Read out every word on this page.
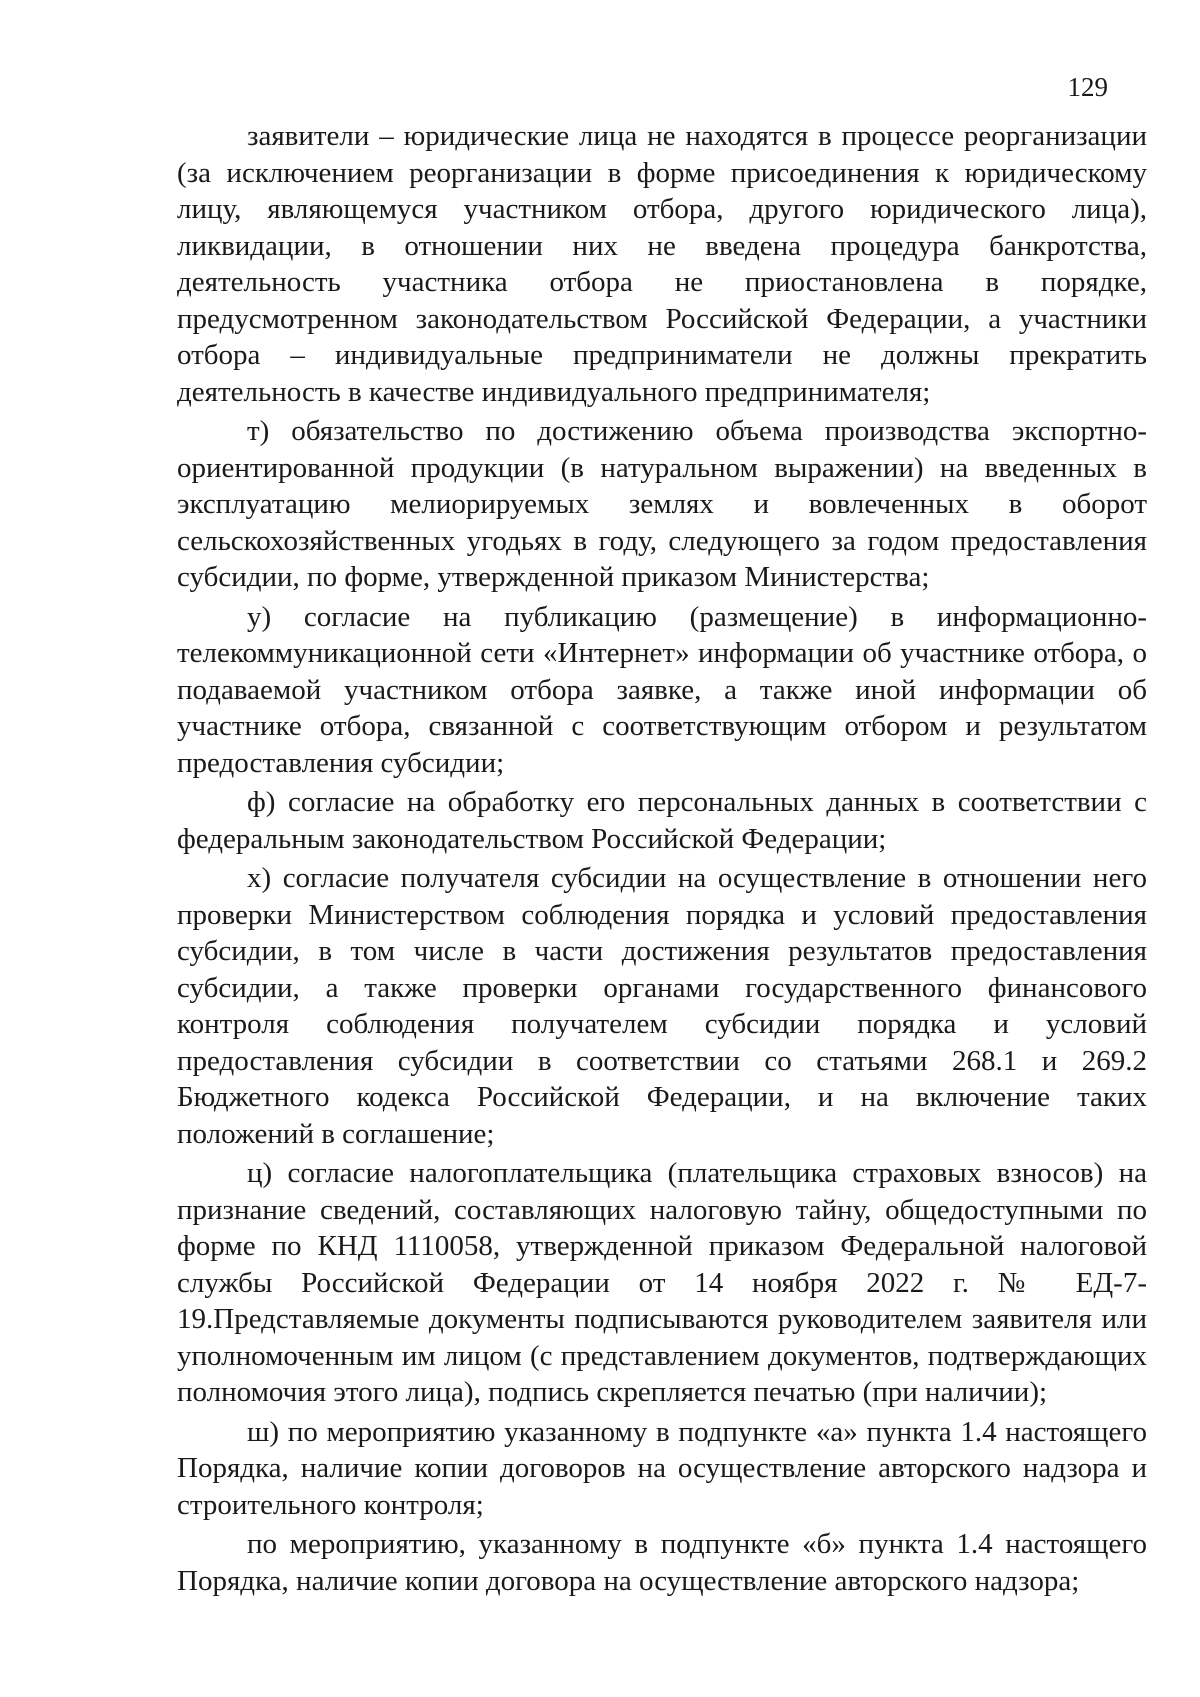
129

заявители – юридические лица не находятся в процессе реорганизации (за исключением реорганизации в форме присоединения к юридическому лицу, являющемуся участником отбора, другого юридического лица), ликвидации, в отношении них не введена процедура банкротства, деятельность участника отбора не приостановлена в порядке, предусмотренном законодательством Российской Федерации, а участники отбора – индивидуальные предприниматели не должны прекратить деятельность в качестве индивидуального предпринимателя;

т) обязательство по достижению объема производства экспортно-ориентированной продукции (в натуральном выражении) на введенных в эксплуатацию мелиорируемых землях и вовлеченных в оборот сельскохозяйственных угодьях в году, следующего за годом предоставления субсидии, по форме, утвержденной приказом Министерства;

у) согласие на публикацию (размещение) в информационно-телекоммуникационной сети «Интернет» информации об участнике отбора, о подаваемой участником отбора заявке, а также иной информации об участнике отбора, связанной с соответствующим отбором и результатом предоставления субсидии;

ф) согласие на обработку его персональных данных в соответствии с федеральным законодательством Российской Федерации;

х) согласие получателя субсидии на осуществление в отношении него проверки Министерством соблюдения порядка и условий предоставления субсидии, в том числе в части достижения результатов предоставления субсидии, а также проверки органами государственного финансового контроля соблюдения получателем субсидии порядка и условий предоставления субсидии в соответствии со статьями 268.1 и 269.2 Бюджетного кодекса Российской Федерации, и на включение таких положений в соглашение;

ц) согласие налогоплательщика (плательщика страховых взносов) на признание сведений, составляющих налоговую тайну, общедоступными по форме по КНД 1110058, утвержденной приказом Федеральной налоговой службы Российской Федерации от 14 ноября 2022 г. № ЕД-7-19.Представляемые документы подписываются руководителем заявителя или уполномоченным им лицом (с представлением документов, подтверждающих полномочия этого лица), подпись скрепляется печатью (при наличии);

ш) по мероприятию указанному в подпункте «а» пункта 1.4 настоящего Порядка, наличие копии договоров на осуществление авторского надзора и строительного контроля;

по мероприятию, указанному в подпункте «б» пункта 1.4 настоящего Порядка, наличие копии договора на осуществление авторского надзора;
